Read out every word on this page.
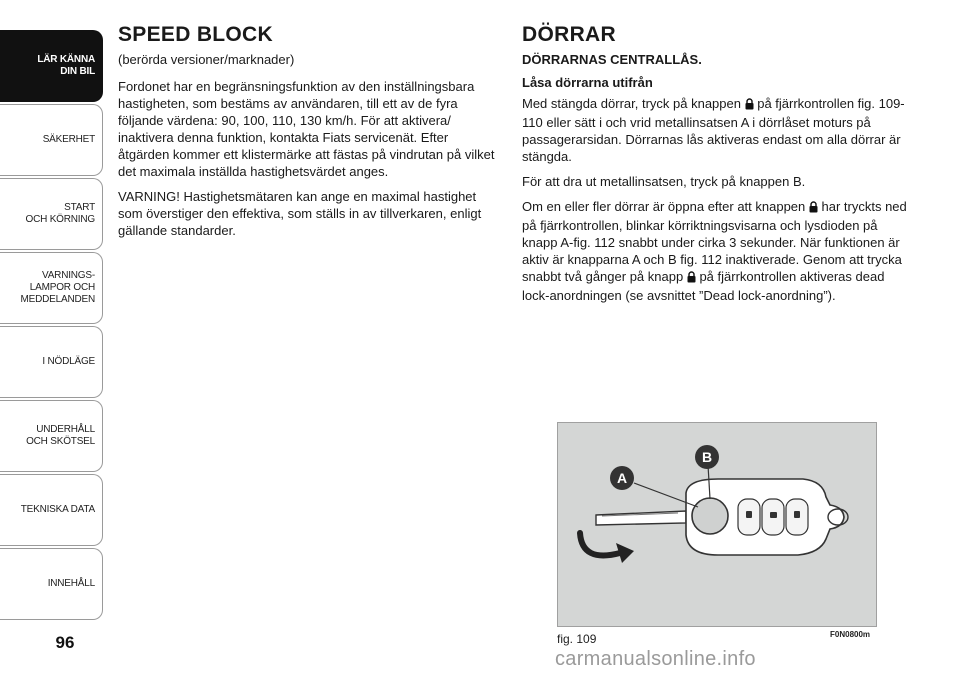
LÄR KÄNNA
DIN BIL
SÄKERHET
START
OCH KÖRNING
VARNINGS-
LAMPOR OCH
MEDDELANDEN
I NÖDLÄGE
UNDERHÅLL
OCH SKÖTSEL
TEKNISKA DATA
INNEHÅLL
96
SPEED BLOCK

(berörda versioner/marknader)

Fordonet har en begränsningsfunktion av den inställningsbara hastigheten, som bestäms av användaren, till ett av de fyra följande värdena: 90, 100, 110, 130 km/h. För att aktivera/ inaktivera denna funktion, kontakta Fiats servicenät. Efter åtgärden kommer ett klistermärke att fästas på vindrutan på vilket det maximala inställda hastighetsvärdet anges.

VARNING! Hastighetsmätaren kan ange en maximal hastighet som överstiger den effektiva, som ställs in av tillverkaren, enligt gällande standarder.

DÖRRAR
DÖRRARNAS CENTRALLÅS.
Låsa dörrarna utifrån

Med stängda dörrar, tryck på knappen på fjärrkontrollen fig. 109-110 eller sätt i och vrid metallinsatsen A i dörrlåset moturs på passagerarsidan. Dörrarnas lås aktiveras endast om alla dörrar är stängda.

För att dra ut metallinsatsen, tryck på knappen B.

Om en eller fler dörrar är öppna efter att knappen har tryckts ned på fjärrkontrollen, blinkar körriktningsvisarna och lysdioden på knapp A-fig. 112 snabbt under cirka 3 sekunder. När funktionen är aktiv är knapparna A och B fig. 112 inaktiverade. Genom att trycka snabbt två gånger på knapp på fjärrkontrollen aktiveras dead lock-anordningen (se avsnittet ”Dead lock-anordning”).

A
B
fig. 109	F0N0800m
carmanualsonline.info
